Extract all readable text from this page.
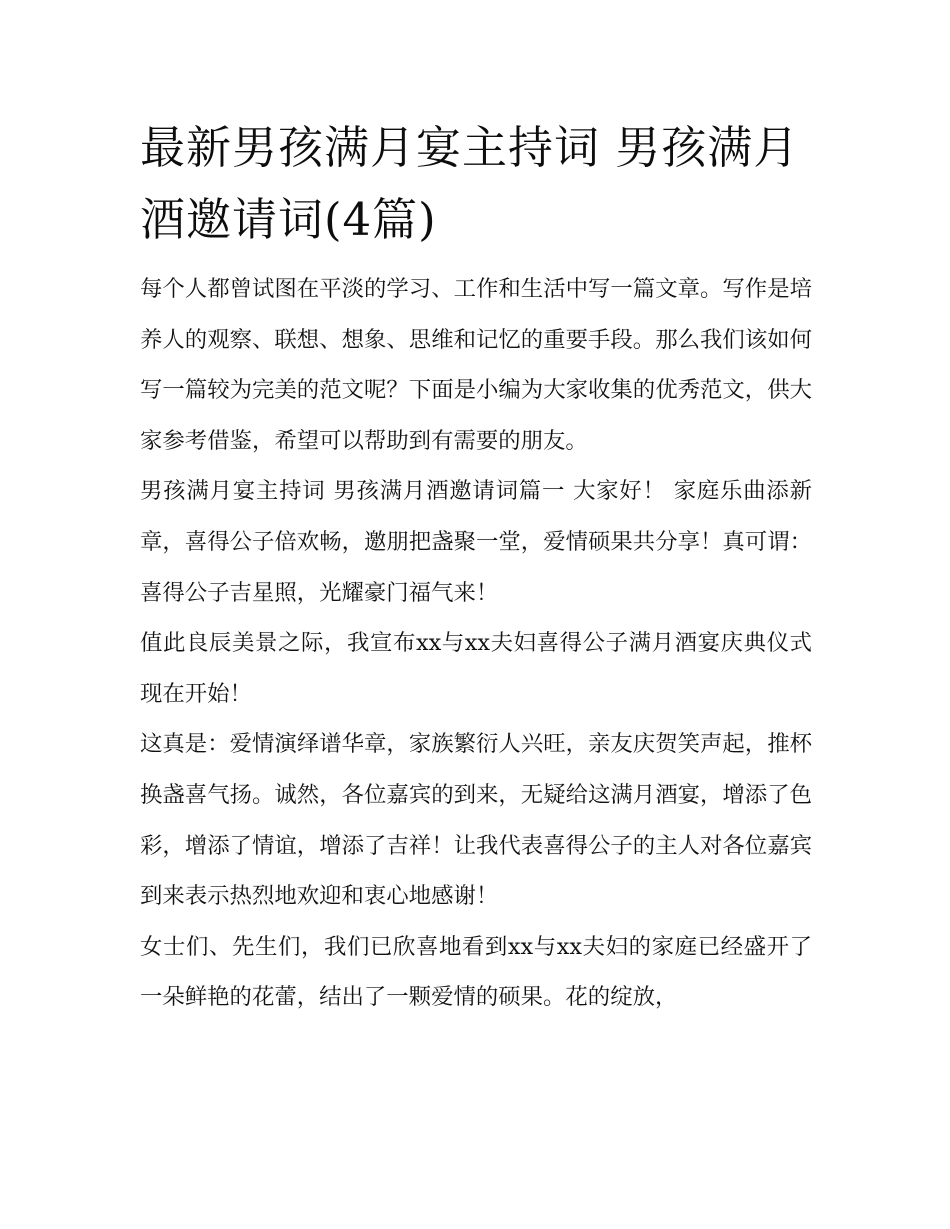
最新男孩满月宴主持词 男孩满月酒邀请词(4篇)

每个人都曾试图在平淡的学习、工作和生活中写一篇文章。写作是培养人的观察、联想、想象、思维和记忆的重要手段。那么我们该如何写一篇较为完美的范文呢？下面是小编为大家收集的优秀范文，供大家参考借鉴，希望可以帮助到有需要的朋友。

男孩满月宴主持词 男孩满月酒邀请词篇一 大家好！ 家庭乐曲添新章，喜得公子倍欢畅，邀朋把盏聚一堂，爱情硕果共分享！真可谓：喜得公子吉星照，光耀豪门福气来！

值此良辰美景之际，我宣布xx与xx夫妇喜得公子满月酒宴庆典仪式现在开始！

这真是：爱情演绎谱华章，家族繁衍人兴旺，亲友庆贺笑声起，推杯换盏喜气扬。诚然，各位嘉宾的到来，无疑给这满月酒宴，增添了色彩，增添了情谊，增添了吉祥！让我代表喜得公子的主人对各位嘉宾到来表示热烈地欢迎和衷心地感谢！

女士们、先生们，我们已欣喜地看到xx与xx夫妇的家庭已经盛开了一朵鲜艳的花蕾，结出了一颗爱情的硕果。花的绽放，
